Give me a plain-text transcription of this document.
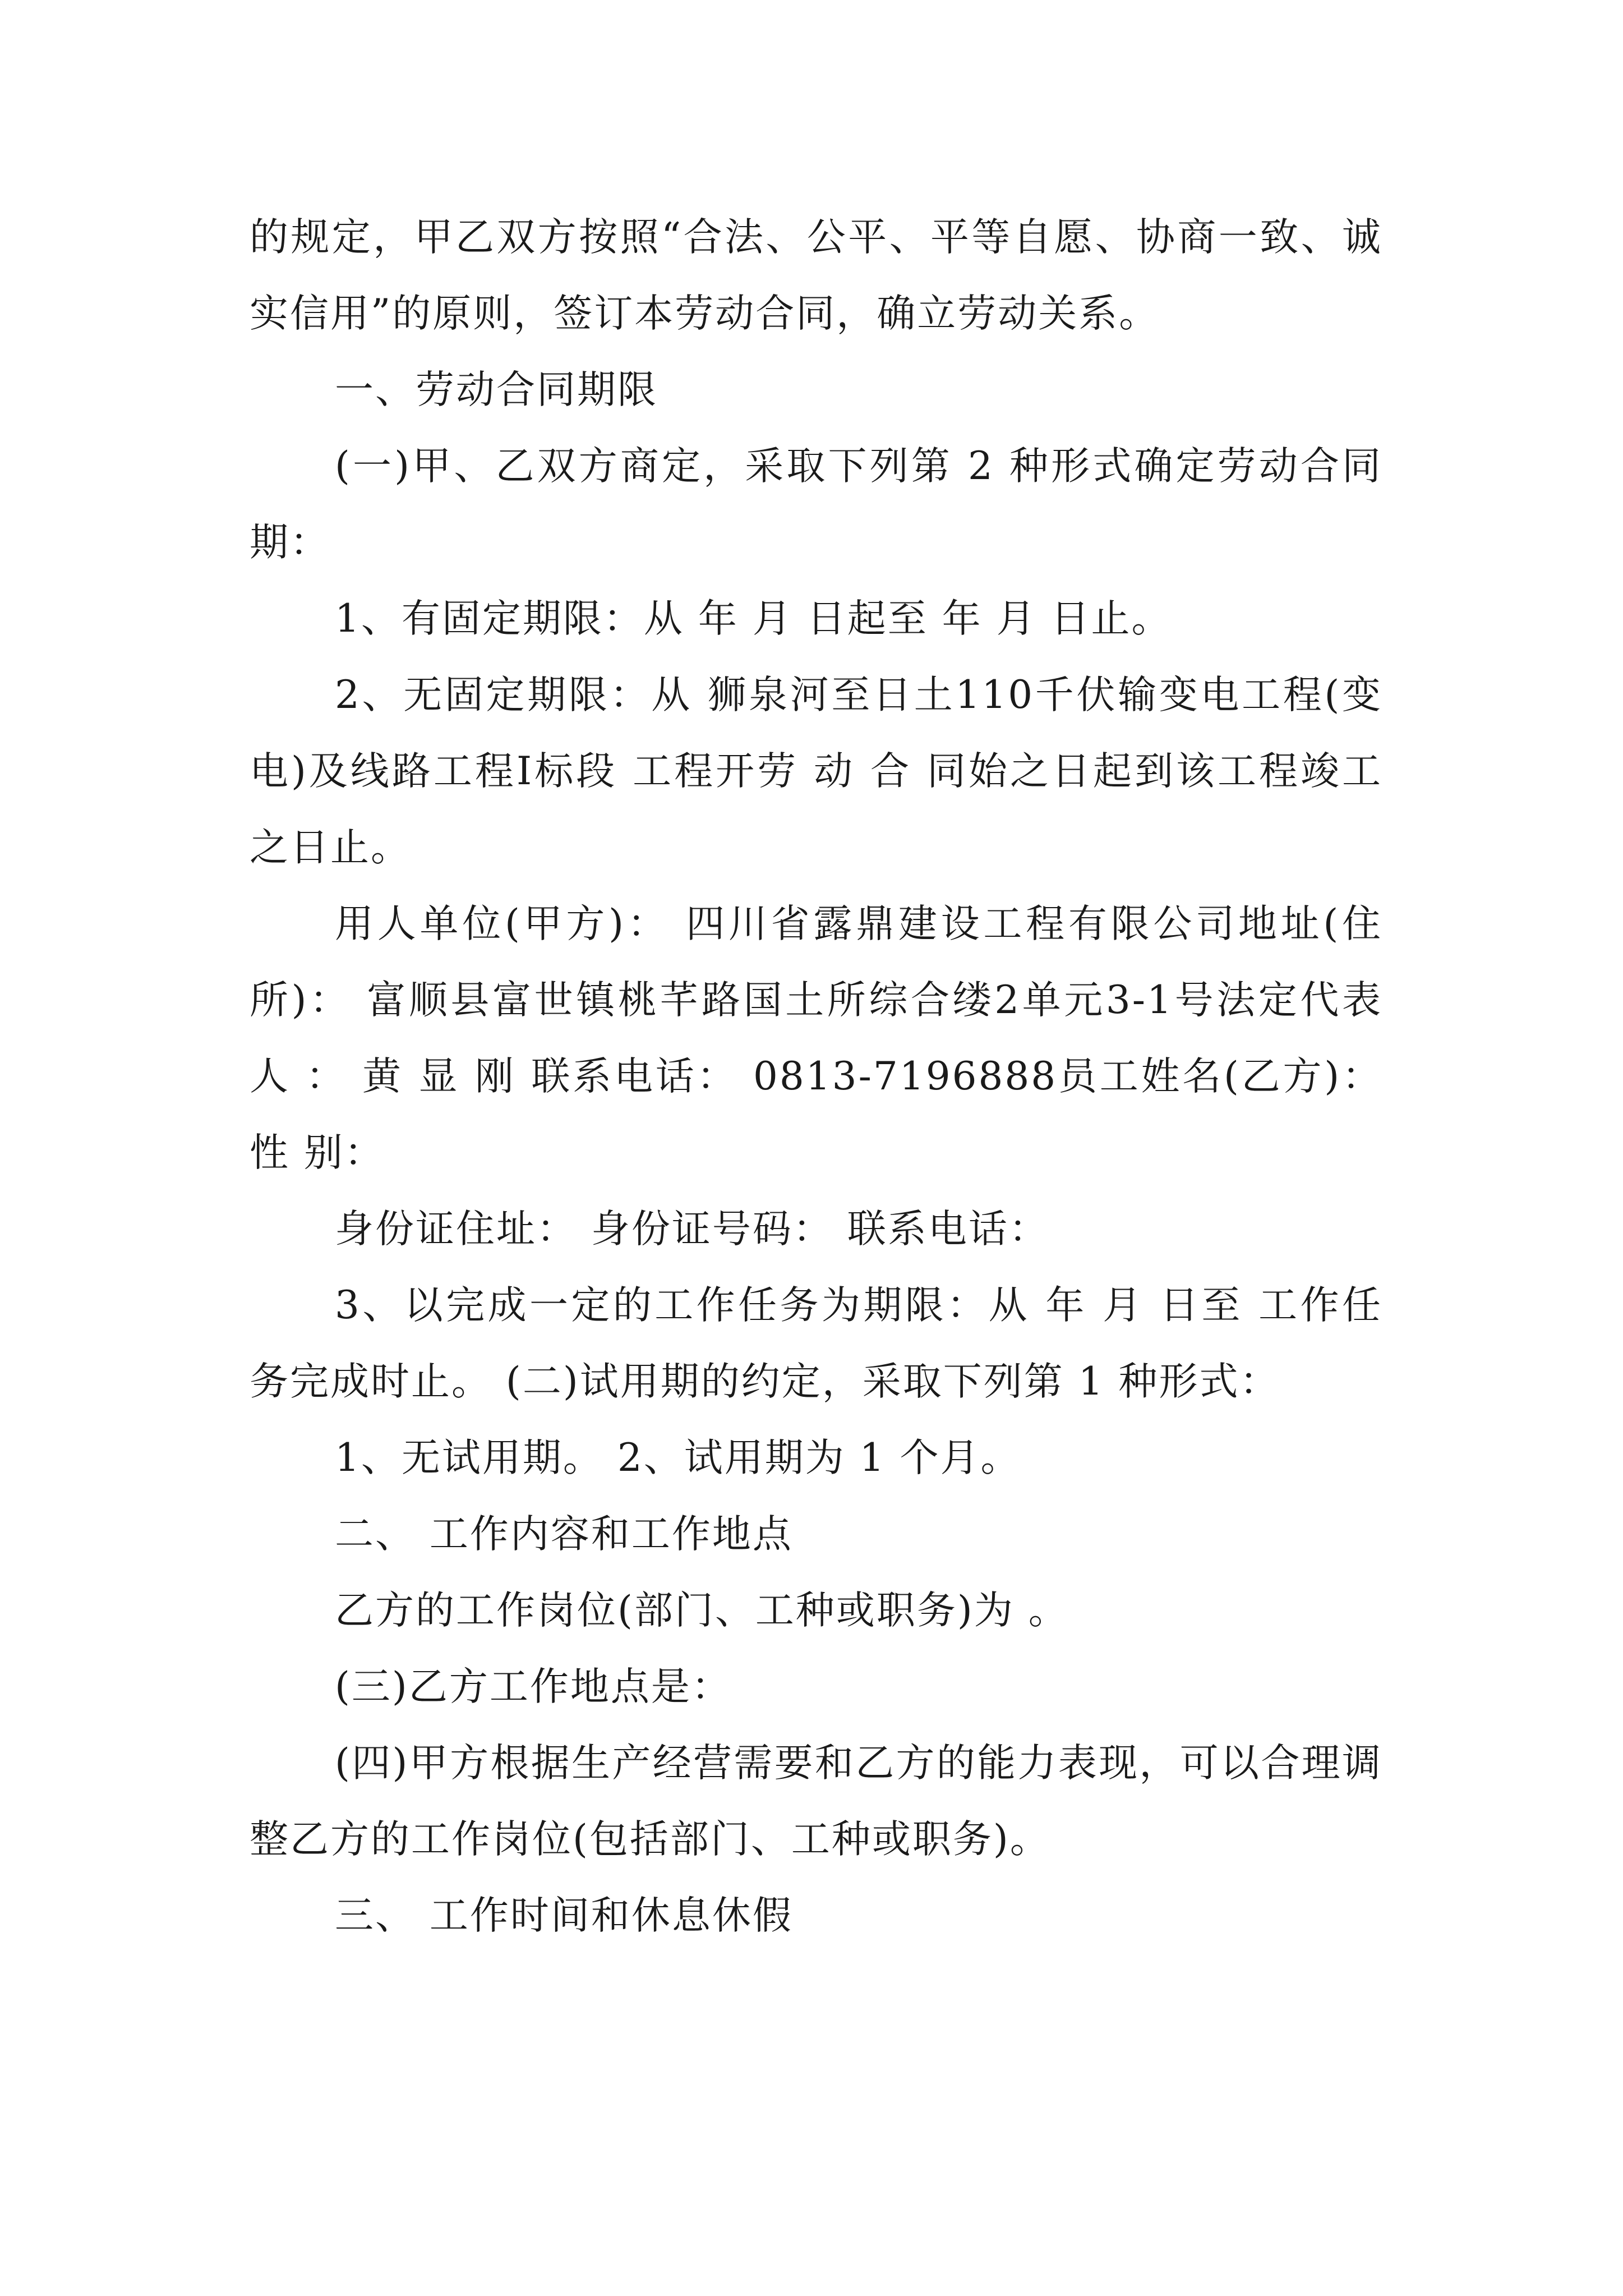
的规定，甲乙双方按照“合法、公平、平等自愿、协商一致、诚实信用”的原则，签订本劳动合同，确立劳动关系。

一、劳动合同期限

(一)甲、乙双方商定，采取下列第 2 种形式确定劳动合同期：

1、有固定期限：从 年 月 日起至 年 月 日止。

2、无固定期限：从 狮泉河至日土110千伏输变电工程(变电)及线路工程Ⅰ标段 工程开劳 动 合 同始之日起到该工程竣工之日止。

用人单位(甲方)： 四川省露鼎建设工程有限公司地址(住所)： 富顺县富世镇桃芊路国土所综合缕2单元3-1号法定代表人 ： 黄 显 刚 联系电话： 0813-7196888员工姓名(乙方)： 性 别：

身份证住址： 身份证号码： 联系电话：

3、以完成一定的工作任务为期限：从 年 月 日至 工作任务完成时止。 (二)试用期的约定，采取下列第 1 种形式：

1、无试用期。 2、试用期为 1 个月。

二、 工作内容和工作地点

乙方的工作岗位(部门、工种或职务)为 。

(三)乙方工作地点是：

(四)甲方根据生产经营需要和乙方的能力表现，可以合理调整乙方的工作岗位(包括部门、工种或职务)。

三、 工作时间和休息休假
